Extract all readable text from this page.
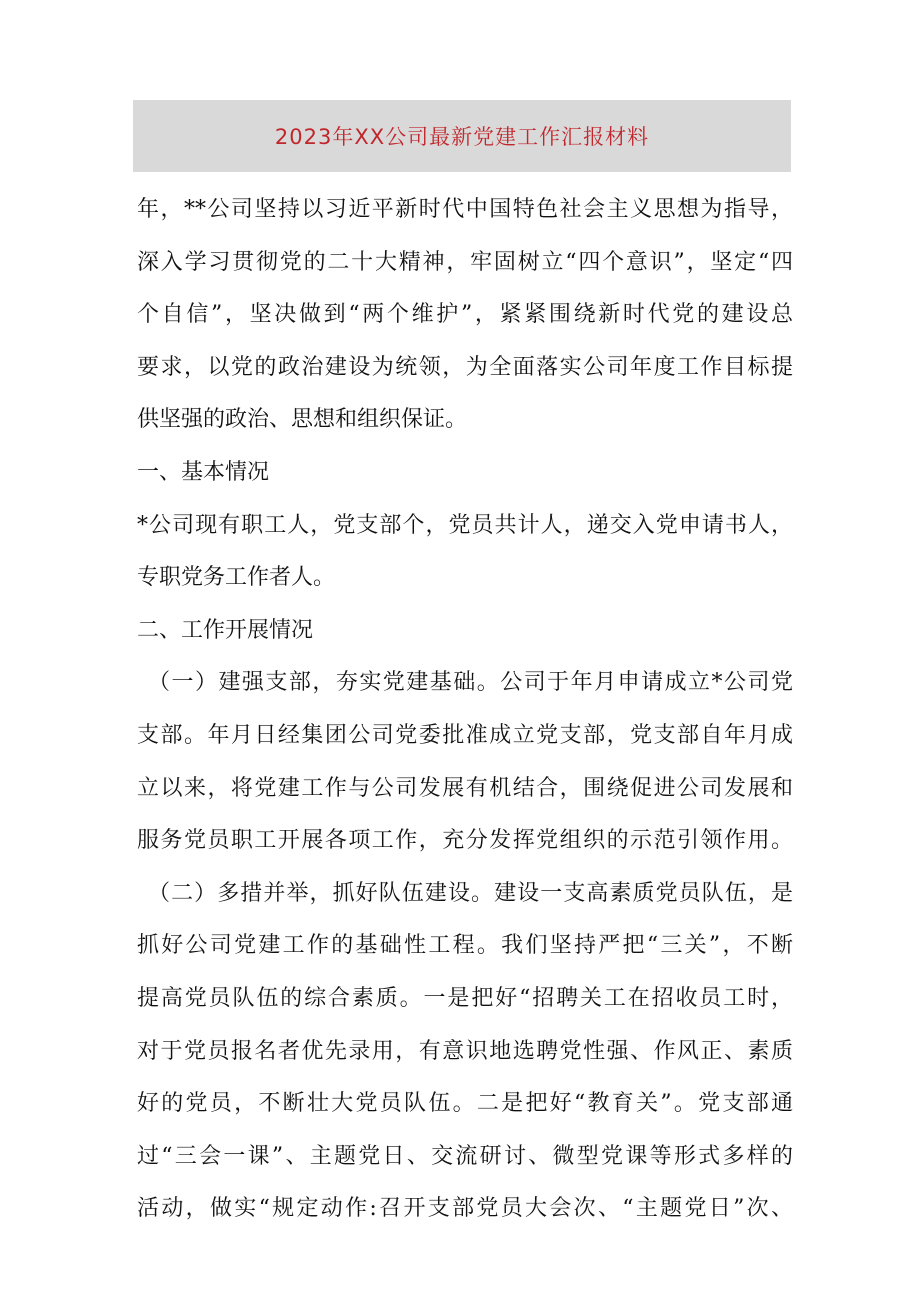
2023年XX公司最新党建工作汇报材料
年，**公司坚持以习近平新时代中国特色社会主义思想为指导，
深入学习贯彻党的二十大精神，牢固树立“四个意识”，坚定“四
个自信”，坚决做到“两个维护”，紧紧围绕新时代党的建设总
要求，以党的政治建设为统领，为全面落实公司年度工作目标提
供坚强的政治、思想和组织保证。
一、基本情况
*公司现有职工人，党支部个，党员共计人，递交入党申请书人，
专职党务工作者人。
二、工作开展情况
（一）建强支部，夯实党建基础。公司于年月申请成立*公司党
支部。年月日经集团公司党委批准成立党支部，党支部自年月成
立以来，将党建工作与公司发展有机结合，围绕促进公司发展和
服务党员职工开展各项工作，充分发挥党组织的示范引领作用。
（二）多措并举，抓好队伍建设。建设一支高素质党员队伍，是
抓好公司党建工作的基础性工程。我们坚持严把“三关”，不断
提高党员队伍的综合素质。一是把好“招聘关工在招收员工时，
对于党员报名者优先录用，有意识地选聘党性强、作风正、素质
好的党员，不断壮大党员队伍。二是把好“教育关”。党支部通
过“三会一课”、主题党日、交流研讨、微型党课等形式多样的
活动，做实“规定动作:召开支部党员大会次、“主题党日”次、
